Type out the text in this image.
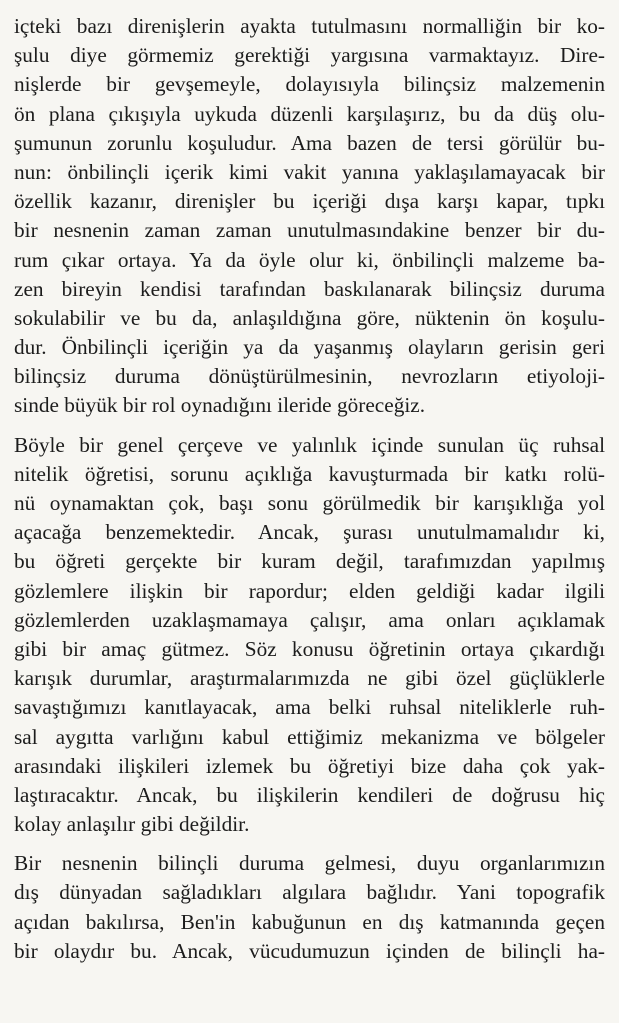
içteki bazı direnişlerin ayakta tutulmasını normalliğin bir ko-
şulu diye görmemiz gerektiği yargısına varmaktayız. Dire-
nişlerde bir gevşemeyle, dolayısıyla bilinçsiz malzemenin
ön plana çıkışıyla uykuda düzenli karşılaşırız, bu da düş olu-
şumunun zorunlu koşuludur. Ama bazen de tersi görülür bu-
nun: önbilinçli içerik kimi vakit yanına yaklaşılamayacak bir
özellik kazanır, direnişler bu içeriği dışa karşı kapar, tıpkı
bir nesnenin zaman zaman unutulmasındakine benzer bir du-
rum çıkar ortaya. Ya da öyle olur ki, önbilinçli malzeme ba-
zen bireyin kendisi tarafından baskılanarak bilinçsiz duruma
sokulabilir ve bu da, anlaşıldığına göre, nüktenin ön koşulu-
dur. Önbilinçli içeriğin ya da yaşanmış olayların gerisin geri
bilinçsiz duruma dönüştürülmesinin, nevrozların etiyoloji-
sinde büyük bir rol oynadığını ileride göreceğiz.

Böyle bir genel çerçeve ve yalınlık içinde sunulan üç ruhsal
nitelik öğretisi, sorunu açıklığa kavuşturmada bir katkı rolü-
nü oynamaktan çok, başı sonu görülmedik bir karışıklığa yol
açacağa benzemektedir. Ancak, şurası unutulmamalıdır ki,
bu öğreti gerçekte bir kuram değil, tarafımızdan yapılmış
gözlemlere ilişkin bir rapordur; elden geldiği kadar ilgili
gözlemlerden uzaklaşmamaya çalışır, ama onları açıklamak
gibi bir amaç gütmez. Söz konusu öğretinin ortaya çıkardığı
karışık durumlar, araştırmalarımızda ne gibi özel güçlüklerle
savaştığımızı kanıtlayacak, ama belki ruhsal niteliklerle ruh-
sal aygıtta varlığını kabul ettiğimiz mekanizma ve bölgeler
arasındaki ilişkileri izlemek bu öğretiyi bize daha çok yak-
laştıracaktır. Ancak, bu ilişkilerin kendileri de doğrusu hiç
kolay anlaşılır gibi değildir.

Bir nesnenin bilinçli duruma gelmesi, duyu organlarımızın
dış dünyadan sağladıkları algılara bağlıdır. Yani topografik
açıdan bakılırsa, Ben'in kabuğunun en dış katmanında geçen
bir olaydır bu. Ancak, vücudumuzun içinden de bilinçli ha-
